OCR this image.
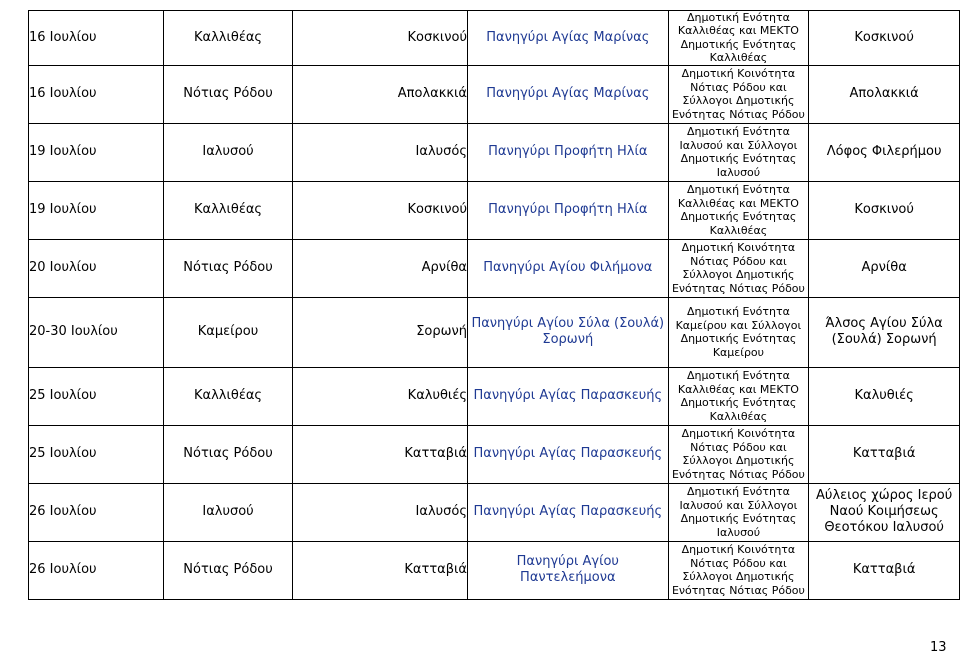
16 Ιουλίου	Καλλιθέας	Κοσκινού	Πανηγύρι Αγίας Μαρίνας	Δημοτική Ενότητα Καλλιθέας και ΜΕΚΤΟ Δημοτικής Ενότητας Καλλιθέας	Κοσκινού
16 Ιουλίου	Νότιας Ρόδου	Απολακκιά	Πανηγύρι Αγίας Μαρίνας	Δημοτική Κοινότητα Νότιας Ρόδου και Σύλλογοι Δημοτικής Ενότητας Νότιας Ρόδου	Απολακκιά
19 Ιουλίου	Ιαλυσού	Ιαλυσός	Πανηγύρι Προφήτη Ηλία	Δημοτική Ενότητα Ιαλυσού και Σύλλογοι Δημοτικής Ενότητας Ιαλυσού	Λόφος Φιλερήμου
19 Ιουλίου	Καλλιθέας	Κοσκινού	Πανηγύρι Προφήτη Ηλία	Δημοτική Ενότητα Καλλιθέας και ΜΕΚΤΟ Δημοτικής Ενότητας Καλλιθέας	Κοσκινού
20 Ιουλίου	Νότιας Ρόδου	Αρνίθα	Πανηγύρι Αγίου Φιλήμονα	Δημοτική Κοινότητα Νότιας Ρόδου και Σύλλογοι Δημοτικής Ενότητας Νότιας Ρόδου	Αρνίθα
20-30 Ιουλίου	Καμείρου	Σορωνή	Πανηγύρι Αγίου Σύλα (Σουλά) Σορωνή	Δημοτική Ενότητα Καμείρου και Σύλλογοι Δημοτικής Ενότητας Καμείρου	Άλσος Αγίου Σύλα (Σουλά) Σορωνή
25 Ιουλίου	Καλλιθέας	Καλυθιές	Πανηγύρι Αγίας Παρασκευής	Δημοτική Ενότητα Καλλιθέας και ΜΕΚΤΟ Δημοτικής Ενότητας Καλλιθέας	Καλυθιές
25 Ιουλίου	Νότιας Ρόδου	Κατταβιά	Πανηγύρι Αγίας Παρασκευής	Δημοτική Κοινότητα Νότιας Ρόδου και Σύλλογοι Δημοτικής Ενότητας Νότιας Ρόδου	Κατταβιά
26 Ιουλίου	Ιαλυσού	Ιαλυσός	Πανηγύρι Αγίας Παρασκευής	Δημοτική Ενότητα Ιαλυσού και Σύλλογοι Δημοτικής Ενότητας Ιαλυσού	Αύλειος χώρος Ιερού Ναού Κοιμήσεως Θεοτόκου Ιαλυσού
26 Ιουλίου	Νότιας Ρόδου	Κατταβιά	Πανηγύρι Αγίου Παντελεήμονα	Δημοτική Κοινότητα Νότιας Ρόδου και Σύλλογοι Δημοτικής Ενότητας Νότιας Ρόδου	Κατταβιά
13
